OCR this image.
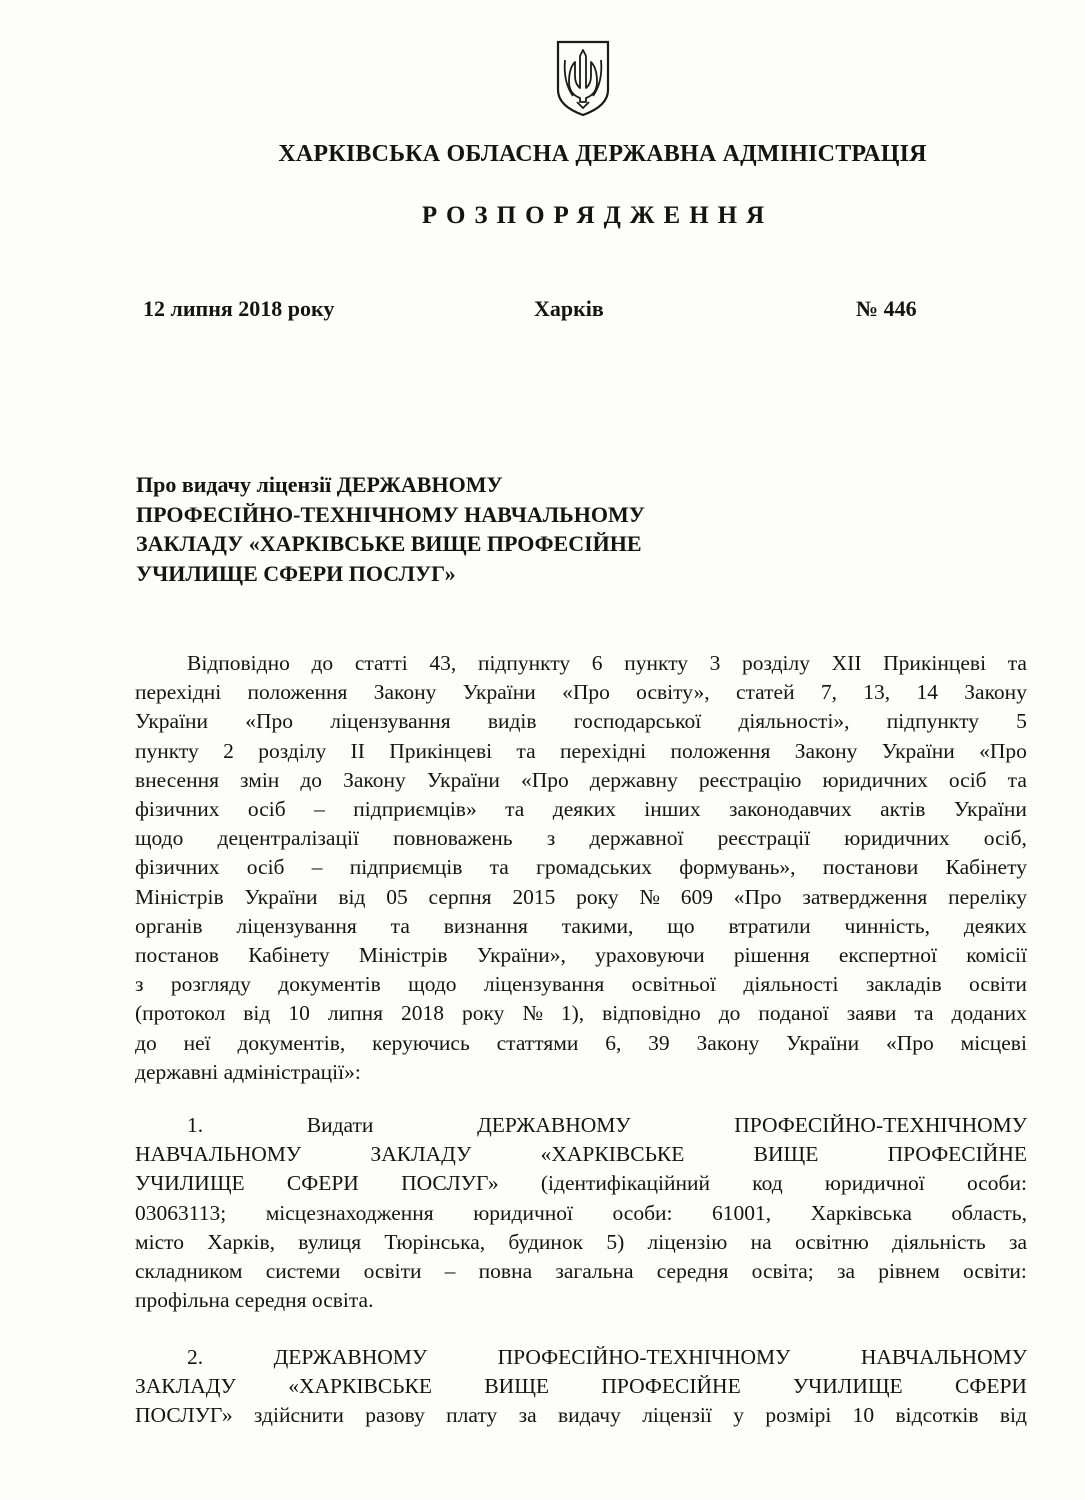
ХАРКІВСЬКА ОБЛАСНА ДЕРЖАВНА АДМІНІСТРАЦІЯ
РОЗПОРЯДЖЕННЯ
12 липня 2018 року	Харків	№ 446
Про видачу ліцензії ДЕРЖАВНОМУ
ПРОФЕСІЙНО-ТЕХНІЧНОМУ НАВЧАЛЬНОМУ
ЗАКЛАДУ «ХАРКІВСЬКЕ ВИЩЕ ПРОФЕСІЙНЕ
УЧИЛИЩЕ СФЕРИ ПОСЛУГ»
Відповідно до статті 43, підпункту 6 пункту 3 розділу XII Прикінцеві та
перехідні положення Закону України «Про освіту», статей 7, 13, 14 Закону
України «Про ліцензування видів господарської діяльності», підпункту 5
пункту 2 розділу II Прикінцеві та перехідні положення Закону України «Про
внесення змін до Закону України «Про державну реєстрацію юридичних осіб та
фізичних осіб – підприємців» та деяких інших законодавчих актів України
щодо децентралізації повноважень з державної реєстрації юридичних осіб,
фізичних осіб – підприємців та громадських формувань», постанови Кабінету
Міністрів України від 05 серпня 2015 року № 609 «Про затвердження переліку
органів ліцензування та визнання такими, що втратили чинність, деяких
постанов Кабінету Міністрів України», ураховуючи рішення експертної комісії
з розгляду документів щодо ліцензування освітньої діяльності закладів освіти
(протокол від 10 липня 2018 року № 1), відповідно до поданої заяви та доданих
до неї документів, керуючись статтями 6, 39 Закону України «Про місцеві
державні адміністрації»:
1.	Видати	ДЕРЖАВНОМУ	ПРОФЕСІЙНО-ТЕХНІЧНОМУ
НАВЧАЛЬНОМУ	ЗАКЛАДУ	«ХАРКІВСЬКЕ	ВИЩЕ	ПРОФЕСІЙНЕ
УЧИЛИЩЕ СФЕРИ ПОСЛУГ» (ідентифікаційний код юридичної особи:
03063113; місцезнаходження юридичної особи: 61001, Харківська область,
місто Харків, вулиця Тюрінська, будинок 5) ліцензію на освітню діяльність за
складником системи освіти – повна загальна середня освіта; за рівнем освіти:
профільна середня освіта.
2.	ДЕРЖАВНОМУ	ПРОФЕСІЙНО-ТЕХНІЧНОМУ	НАВЧАЛЬНОМУ
ЗАКЛАДУ «ХАРКІВСЬКЕ ВИЩЕ ПРОФЕСІЙНЕ УЧИЛИЩЕ СФЕРИ
ПОСЛУГ» здійснити разову плату за видачу ліцензії у розмірі 10 відсотків від
